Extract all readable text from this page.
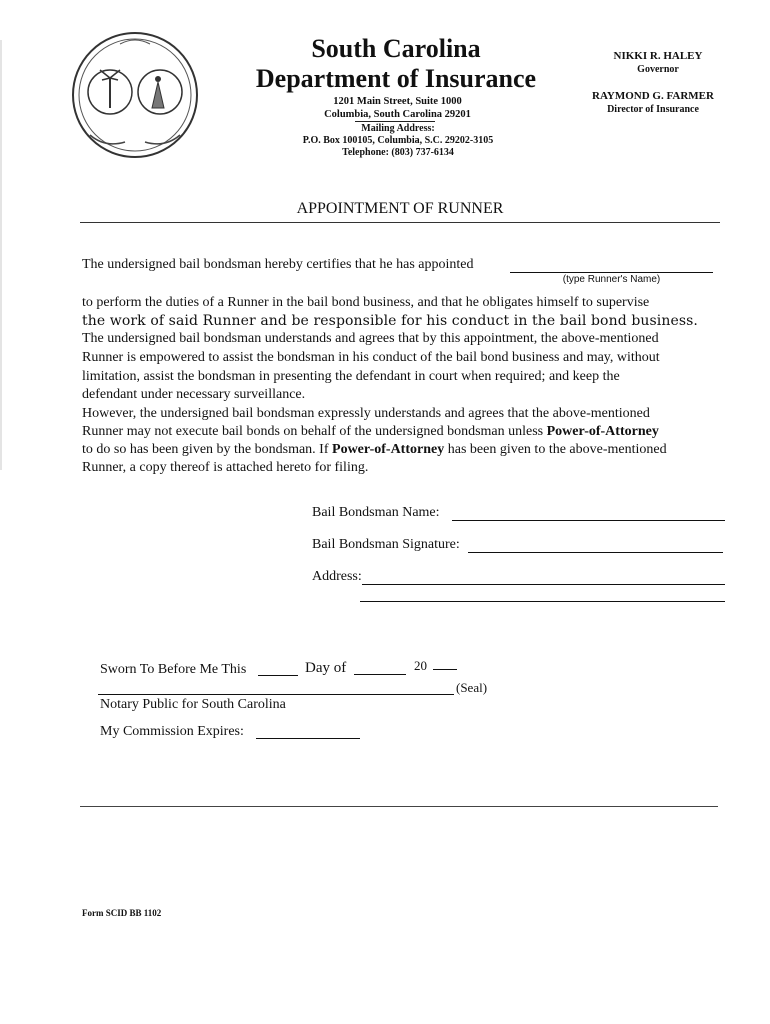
South Carolina
Department of Insurance
1201 Main Street, Suite 1000
Columbia, South Carolina 29201
Mailing Address:
P.O. Box 100105, Columbia, S.C. 29202-3105
Telephone: (803) 737-6134
NIKKI R. HALEY
Governor
RAYMOND G. FARMER
Director of Insurance
APPOINTMENT OF RUNNER
The undersigned bail bondsman hereby certifies that he has appointed
(type Runner's Name)
to perform the duties of a Runner in the bail bond business, and that he obligates himself to supervise
the work of said Runner and be responsible for his conduct in the bail bond business.
The undersigned bail bondsman understands and agrees that by this appointment, the above-mentioned
Runner is empowered to assist the bondsman in his conduct of the bail bond business and may, without
limitation, assist the bondsman in presenting the defendant in court when required; and keep the
defendant under necessary surveillance.
However, the undersigned bail bondsman expressly understands and agrees that the above-mentioned
Runner may not execute bail bonds on behalf of the undersigned bondsman unless Power-of-Attorney
to do so has been given by the bondsman. If Power-of-Attorney has been given to the above-mentioned
Runner, a copy thereof is attached hereto for filing.
Bail Bondsman Name:
Bail Bondsman Signature:
Address:
Sworn To Before Me This	Day of	20
(Seal)
Notary Public for South Carolina
My Commission Expires:
Form SCID BB 1102
